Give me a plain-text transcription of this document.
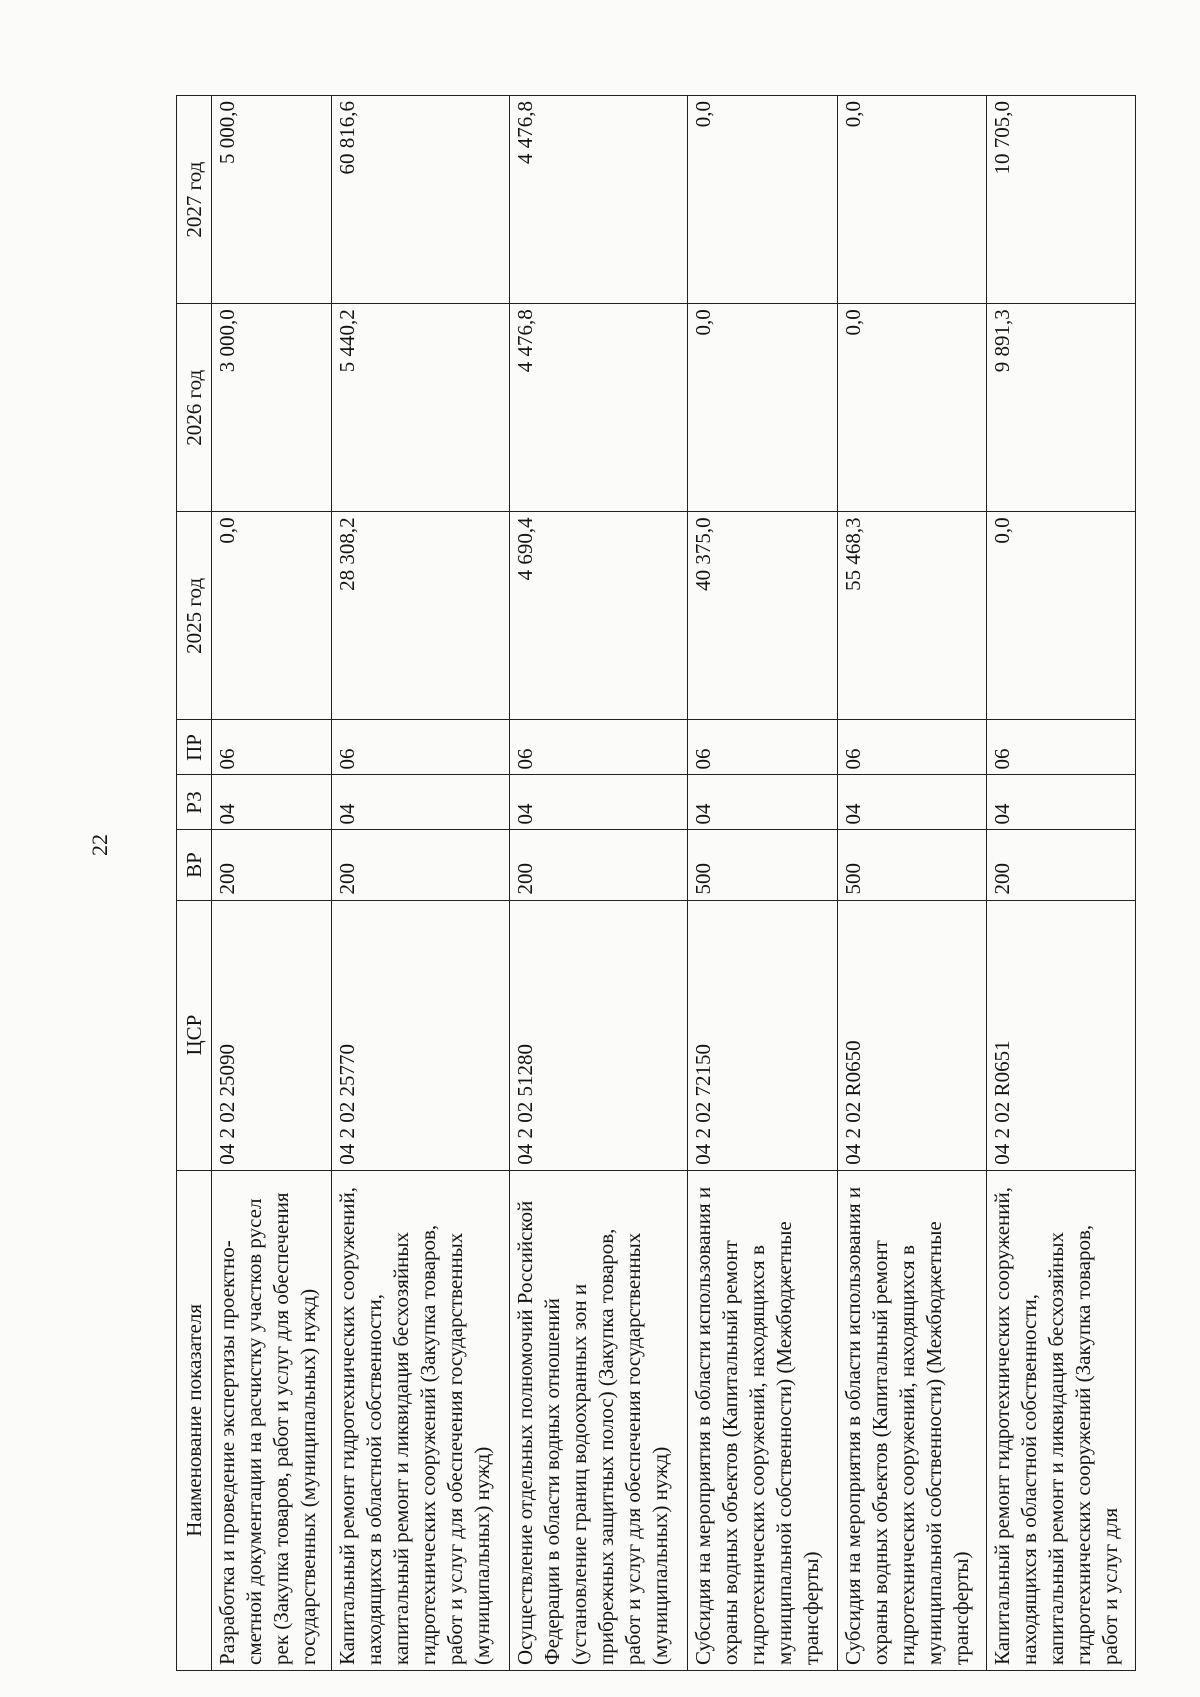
22
Наименование показателя	ЦСР	ВР	РЗ	ПР	2025 год	2026 год	2027 год
Разработка и проведение экспертизы проектно-сметной документации на расчистку участков русел рек (Закупка товаров, работ и услуг для обеспечения государственных (муниципальных) нужд)	04 2 02 25090	200	04	06	0,0	3 000,0	5 000,0
Капитальный ремонт гидротехнических сооружений, находящихся в областной собственности, капитальный ремонт и ликвидация бесхозяйных гидротехнических сооружений (Закупка товаров, работ и услуг для обеспечения государственных (муниципальных) нужд)	04 2 02 25770	200	04	06	28 308,2	5 440,2	60 816,6
Осуществление отдельных полномочий Российской Федерации в области водных отношений (установление границ водоохранных зон и прибрежных защитных полос) (Закупка товаров, работ и услуг для обеспечения государственных (муниципальных) нужд)	04 2 02 51280	200	04	06	4 690,4	4 476,8	4 476,8
Субсидия на мероприятия в области использования и охраны водных объектов (Капитальный ремонт гидротехнических сооружений, находящихся в муниципальной собственности) (Межбюджетные трансферты)	04 2 02 72150	500	04	06	40 375,0	0,0	0,0
Субсидия на мероприятия в области использования и охраны водных объектов (Капитальный ремонт гидротехнических сооружений, находящихся в муниципальной собственности) (Межбюджетные трансферты)	04 2 02 R0650	500	04	06	55 468,3	0,0	0,0
Капитальный ремонт гидротехнических сооружений, находящихся в областной собственности, капитальный ремонт и ликвидация бесхозяйных гидротехнических сооружений (Закупка товаров, работ и услуг для	04 2 02 R0651	200	04	06	0,0	9 891,3	10 705,0
